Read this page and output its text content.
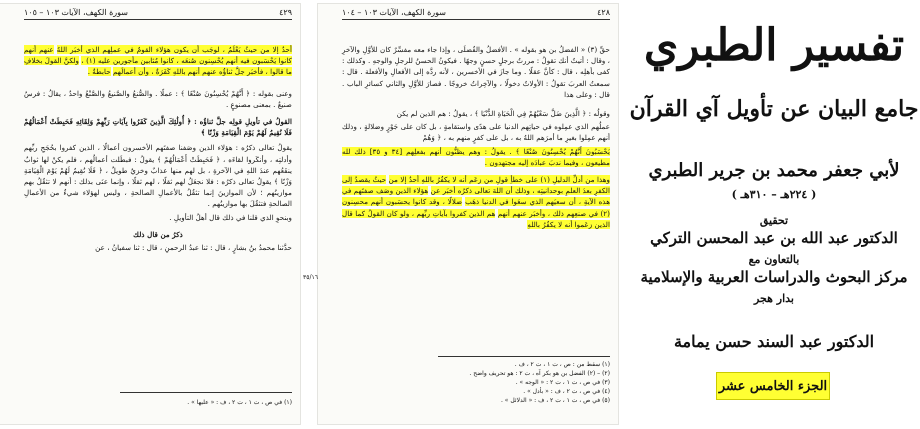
٤٢٩
سورة الكهف، الآيات ١٠٣ – ١٠٥

أحدٌ إلا من حيثُ يَعْلَمُ ، لوجَب أن يكون هؤلاء القومُ في عملِهم الذي أخبَر اللهُ عنهم أنهم كانوا يَحْسَبون فيه أنهم يُحْسِنون صُنعَه ، كانوا مُثابين مأجورين عليه (١) ، ولكنَّ القولَ بخلافِ ما قالوا ، فأخبَر جلَّ ثناؤُه عنهم أنهم باللهِ كَفَرَةٌ ، وأن أعمالَهم حابطةٌ .

وعنى بقوله : ﴿ أَنَّهُمْ يُحْسِنُونَ صُنْعًا ﴾ : عملًا . والصُّنعُ والصَّنيعُ والصَّنْعُ واحدٌ ، يقالُ : فرسٌ صنيعٌ . بمعنى مصنوعٍ .

القولُ في تأويلِ قولِه جلَّ ثناؤُه : ﴿ أُولَٰئِكَ الَّذِينَ كَفَرُوا بِآيَاتِ رَبِّهِمْ وَلِقَائِهِ فَحَبِطَتْ أَعْمَالُهُمْ فَلَا نُقِيمُ لَهُمْ يَوْمَ الْقِيَامَةِ وَزْنًا ﴾

يقولُ تعالى ذكرُه : هؤلاء الذين وصَفنا صفتَهم الأخسرون أعمالًا ، الذين كفروا بحُجَجِ ربِّهم وأدلتِه ، وأنكَروا لقاءَه ، ﴿ فَحَبِطَتْ أَعْمَالُهُمْ ﴾ يقولُ : فبطَلت أعمالُهم ، فلم يكنْ لها ثوابٌ ينفَعُهم عندَ اللهِ في الآخرةِ ، بل لهم منها عذابٌ وخزيٌ طويلٌ ، ﴿ فَلَا نُقِيمُ لَهُمْ يَوْمَ الْقِيَامَةِ وَزْنًا ﴾ يقولُ تعالى ذكرُه : فلا نجعَلُ لهم ثقلًا ، لهم ثقلًا ، وإنما عنَى بذلك : أنهم لا تثقُلُ بهم موازينُهم ؛ لأن الموازينَ إنما تثقُلُ بالأعمالِ الصالحةِ ، وليس لهؤلاء شيءٌ من الأعمالِ الصالحةِ فتثقُلَ بها موازينُهم .

وبنحوِ الذي قلنا في ذلك قال أهلُ التأويلِ .

ذكرُ من قال ذلك

حدَّثنا محمدُ بنُ بشارٍ ، قال : ثنا عبدُ الرحمنِ ، قال : ثنا سفيانُ ، عن

(١) في ص ، ت ١ ، ت ٢ ، ف : « عليها » .
٤٢٨
سورة الكهف، الآيات ١٠٣ – ١٠٤

حقِّ (٣) « الفضلُ بن هو بقوله » . الأفضلُ والفُضلَى ، وإذا جاء معه مفسِّرٌ كان للأوَّلِ والآخرِ ، وقال : أتيتُ أنك تقولُ : مررتُ برجلٍ حسنٍ وجهًا . فيكونُ الحسنُ للرجلِ والوجهِ . وكذلك : كفى بأهلِه ، قال : كأنَّ عقلًا . وما جازَ في الأخسرين ، لأنه ردَّه إلى الأفعالِ والأفعلة . قال : سمعتُ العربَ تقولُ : الأولاتُ دخولًا ، والآخِراتُ خروجًا . فصارَ للأوَّلِ والثاني كسائرِ الباب . قال : وعلى هذا

وقولُه : ﴿ الَّذِينَ ضَلَّ سَعْيُهُمْ فِي الْحَيَاةِ الدُّنْيَا ﴾ ، يقولُ : هم الذين لم يكن

عملُهم الذي عمِلوه في حياتِهم الدنيا على هدًى واستقامةٍ ، بل كان على جَوْرٍ وضلالةٍ ، وذلك أنهم عمِلوا بغيرِ ما أمرَهم اللهُ به ، بل على كفرٍ منهم به ، ﴿ وَهُمْ

يَحْسَبُونَ أَنَّهُمْ يُحْسِنُونَ صُنْعًا ﴾ . يقولُ : وهم يظنُّون أنهم بفعلِهم [٣٤ و ٣٥] ذلك لله مطيعون ، وفيما ندبَ عبادَه إليه مجتهدون .

وهذا من أدلِّ الدليلِ (١) على خطأِ قولِ من زعَم أنه لا يكفُرُ باللهِ أحدٌ إلا من حيثُ يقصدُ إلى الكفرِ بعدَ العلمِ بوحدانيتِه ، وذلك أن اللهَ تعالى ذكرُه أخبَر عن هؤلاء الذين وصَف صفتَهم في هذه الآيةِ ، أن سعيَهم الذي سعَوا في الدنيا ذهَب ضلالًا ، وقد كانوا يحسَبون أنهم محسِنون (٢) في صنعِهم ذلك ، وأخبَر عنهم أنهم هم الذين كفروا بآياتِ ربِّهم ، ولو كان القولُ كما قال الذين زعَموا أنه لا يكفُرُ باللهِ

(١) سقط من : ص ، ت ١ ، ت ٢ ، ف .
(٢) – (٢) الفضل بن هو بكر آه ، ت ٢ : هو تحريف واضح .
(٣) في ص ، ت ١ ، ت ٢ : « الوجه » .
(٤) في ص ، ت ٢ ، ف : « بأدل » .
(٥) في ص ، ت ١ ، ت ٢ ، ف : « الدلائل » .
٣٥/١٦
تفسير الطبري
جامع البيان عن تأويل آي القرآن
لأبي جعفر محمد بن جرير الطبري
( ٢٢٤هـ – ٣١٠هـ )
تحقيق
الدكتور عبد الله بن عبد المحسن التركي
بالتعاون مع
مركز البحوث والدراسات العربية والإسلامية
بدار هجر
الدكتور عبد السند حسن يمامة
الجزء الخامس عشر
